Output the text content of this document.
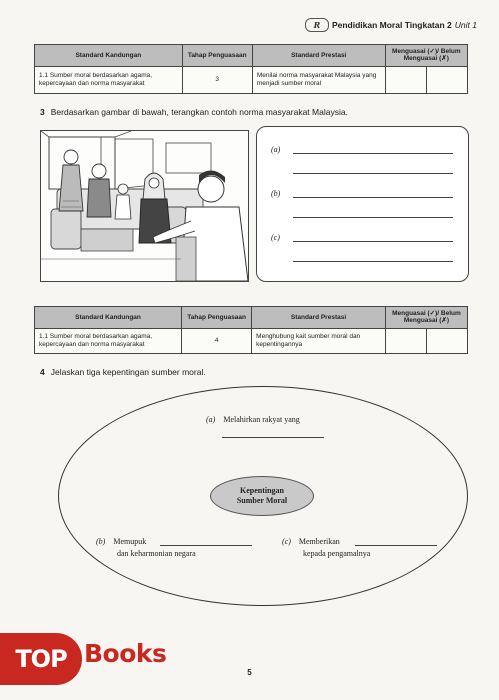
R	Pendidikan Moral Tingkatan 2 Unit 1
Standard Kandungan	Tahap Penguasaan	Standard Prestasi	Menguasai (✓)/ Belum Menguasai (✗)
1.1 Sumber moral berdasarkan agama, kepercayaan dan norma masyarakat	3	Menilai norma masyarakat Malaysia yang menjadi sumber moral	
3 Berdasarkan gambar di bawah, terangkan contoh norma masyarakat Malaysia.
(a)
(b)
(c)
Standard Kandungan	Tahap Penguasaan	Standard Prestasi	Menguasai (✓)/ Belum Menguasai (✗)
1.1 Sumber moral berdasarkan agama, kepercayaan dan norma masyarakat	4	Menghubung kait sumber moral dan kepentingannya	
4 Jelaskan tiga kepentingan sumber moral.
(a) Melahirkan rakyat yang
Kepentingan
Sumber Moral
(b) Memupuk
dan keharmonian negara
(c) Memberikan
kepada pengamalnya
TOP Books
5
